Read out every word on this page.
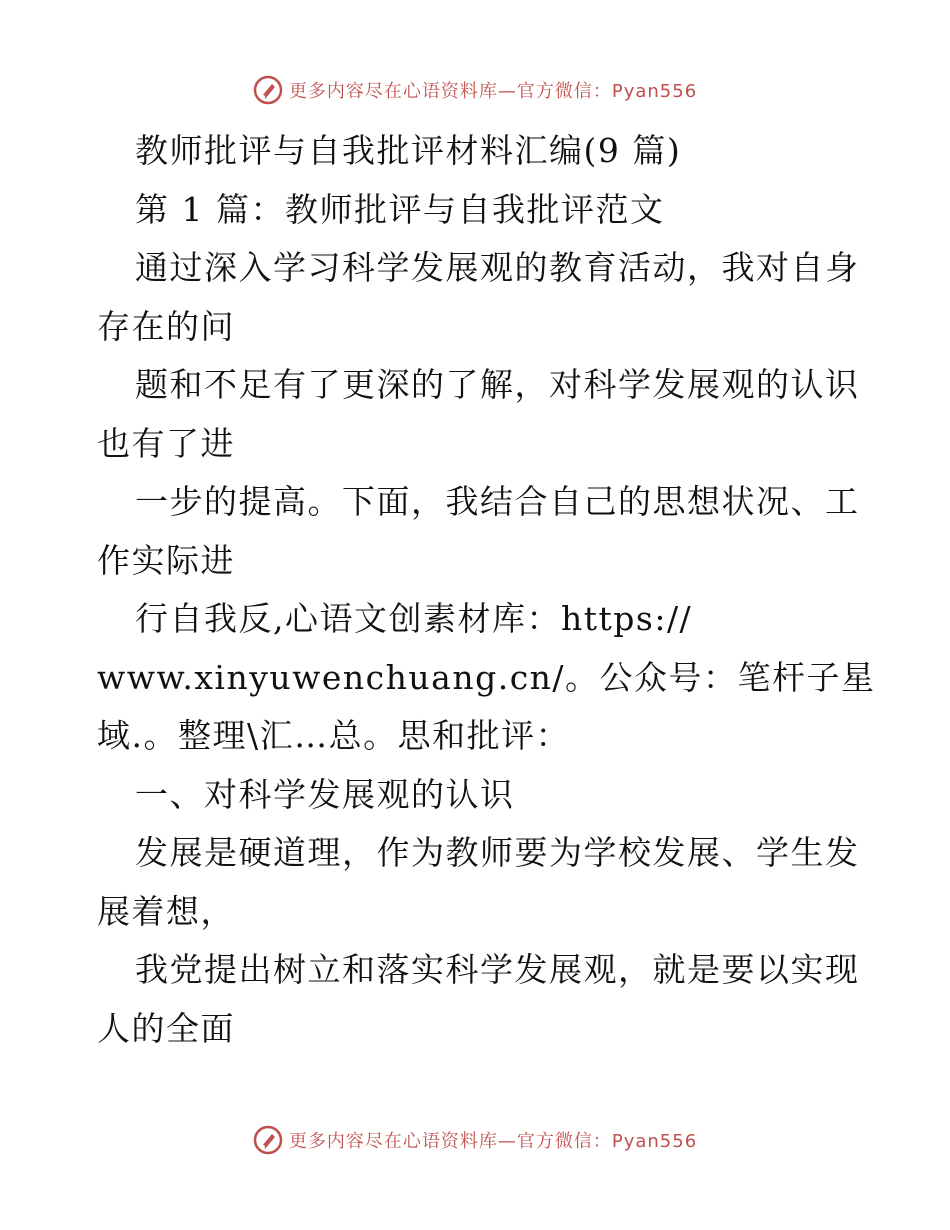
更多内容尽在心语资料库—官方微信：Pyan556
教师批评与自我批评材料汇编(9 篇)
第 1 篇：教师批评与自我批评范文
通过深入学习科学发展观的教育活动，我对自身
存在的问
题和不足有了更深的了解，对科学发展观的认识
也有了进
一步的提高。下面，我结合自己的思想状况、工
作实际进
行自我反,心语文创素材库：https://
www.xinyuwenchuang.cn/。公众号：笔杆子星
域.。整理\汇…总。思和批评：
一、对科学发展观的认识
发展是硬道理，作为教师要为学校发展、学生发
展着想，
我党提出树立和落实科学发展观，就是要以实现
人的全面
更多内容尽在心语资料库—官方微信：Pyan556
